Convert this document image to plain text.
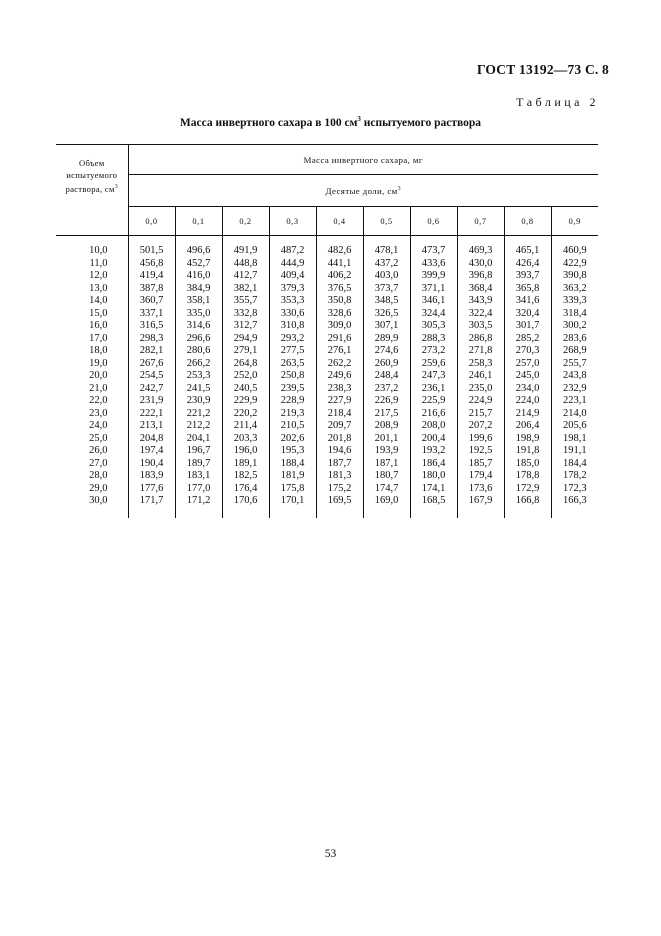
ГОСТ 13192—73 С. 8
Таблица 2
Масса инвертного сахара в 100 $см^3$ испытуемого раствора
Объем
испытуемого
раствора, $см^3$	Масса инвертного сахара, мг									
	Десятые доли, $см^3$
	0,0	0,1	0,2	0,3	0,4	0,5	0,6	0,7	0,8	0,9

10,0	501,5	496,6	491,9	487,2	482,6	478,1	473,7	469,3	465,1	460,9
11,0	456,8	452,7	448,8	444,9	441,1	437,2	433,6	430,0	426,4	422,9
12,0	419,4	416,0	412,7	409,4	406,2	403,0	399,9	396,8	393,7	390,8
13,0	387,8	384,9	382,1	379,3	376,5	373,7	371,1	368,4	365,8	363,2
14,0	360,7	358,1	355,7	353,3	350,8	348,5	346,1	343,9	341,6	339,3
15,0	337,1	335,0	332,8	330,6	328,6	326,5	324,4	322,4	320,4	318,4
16,0	316,5	314,6	312,7	310,8	309,0	307,1	305,3	303,5	301,7	300,2
17,0	298,3	296,6	294,9	293,2	291,6	289,9	288,3	286,8	285,2	283,6
18,0	282,1	280,6	279,1	277,5	276,1	274,6	273,2	271,8	270,3	268,9
19,0	267,6	266,2	264,8	263,5	262,2	260,9	259,6	258,3	257,0	255,7
20,0	254,5	253,3	252,0	250,8	249,6	248,4	247,3	246,1	245,0	243,8
21,0	242,7	241,5	240,5	239,5	238,3	237,2	236,1	235,0	234,0	232,9
22,0	231,9	230,9	229,9	228,9	227,9	226,9	225,9	224,9	224,0	223,1
23,0	222,1	221,2	220,2	219,3	218,4	217,5	216,6	215,7	214,9	214,0
24,0	213,1	212,2	211,4	210,5	209,7	208,9	208,0	207,2	206,4	205,6
25,0	204,8	204,1	203,3	202,6	201,8	201,1	200,4	199,6	198,9	198,1
26,0	197,4	196,7	196,0	195,3	194,6	193,9	193,2	192,5	191,8	191,1
27,0	190,4	189,7	189,1	188,4	187,7	187,1	186,4	185,7	185,0	184,4
28,0	183,9	183,1	182,5	181,9	181,3	180,7	180,0	179,4	178,8	178,2
29,0	177,6	177,0	176,4	175,8	175,2	174,7	174,1	173,6	172,9	172,3
30,0	171,7	171,2	170,6	170,1	169,5	169,0	168,5	167,9	166,8	166,3

53
